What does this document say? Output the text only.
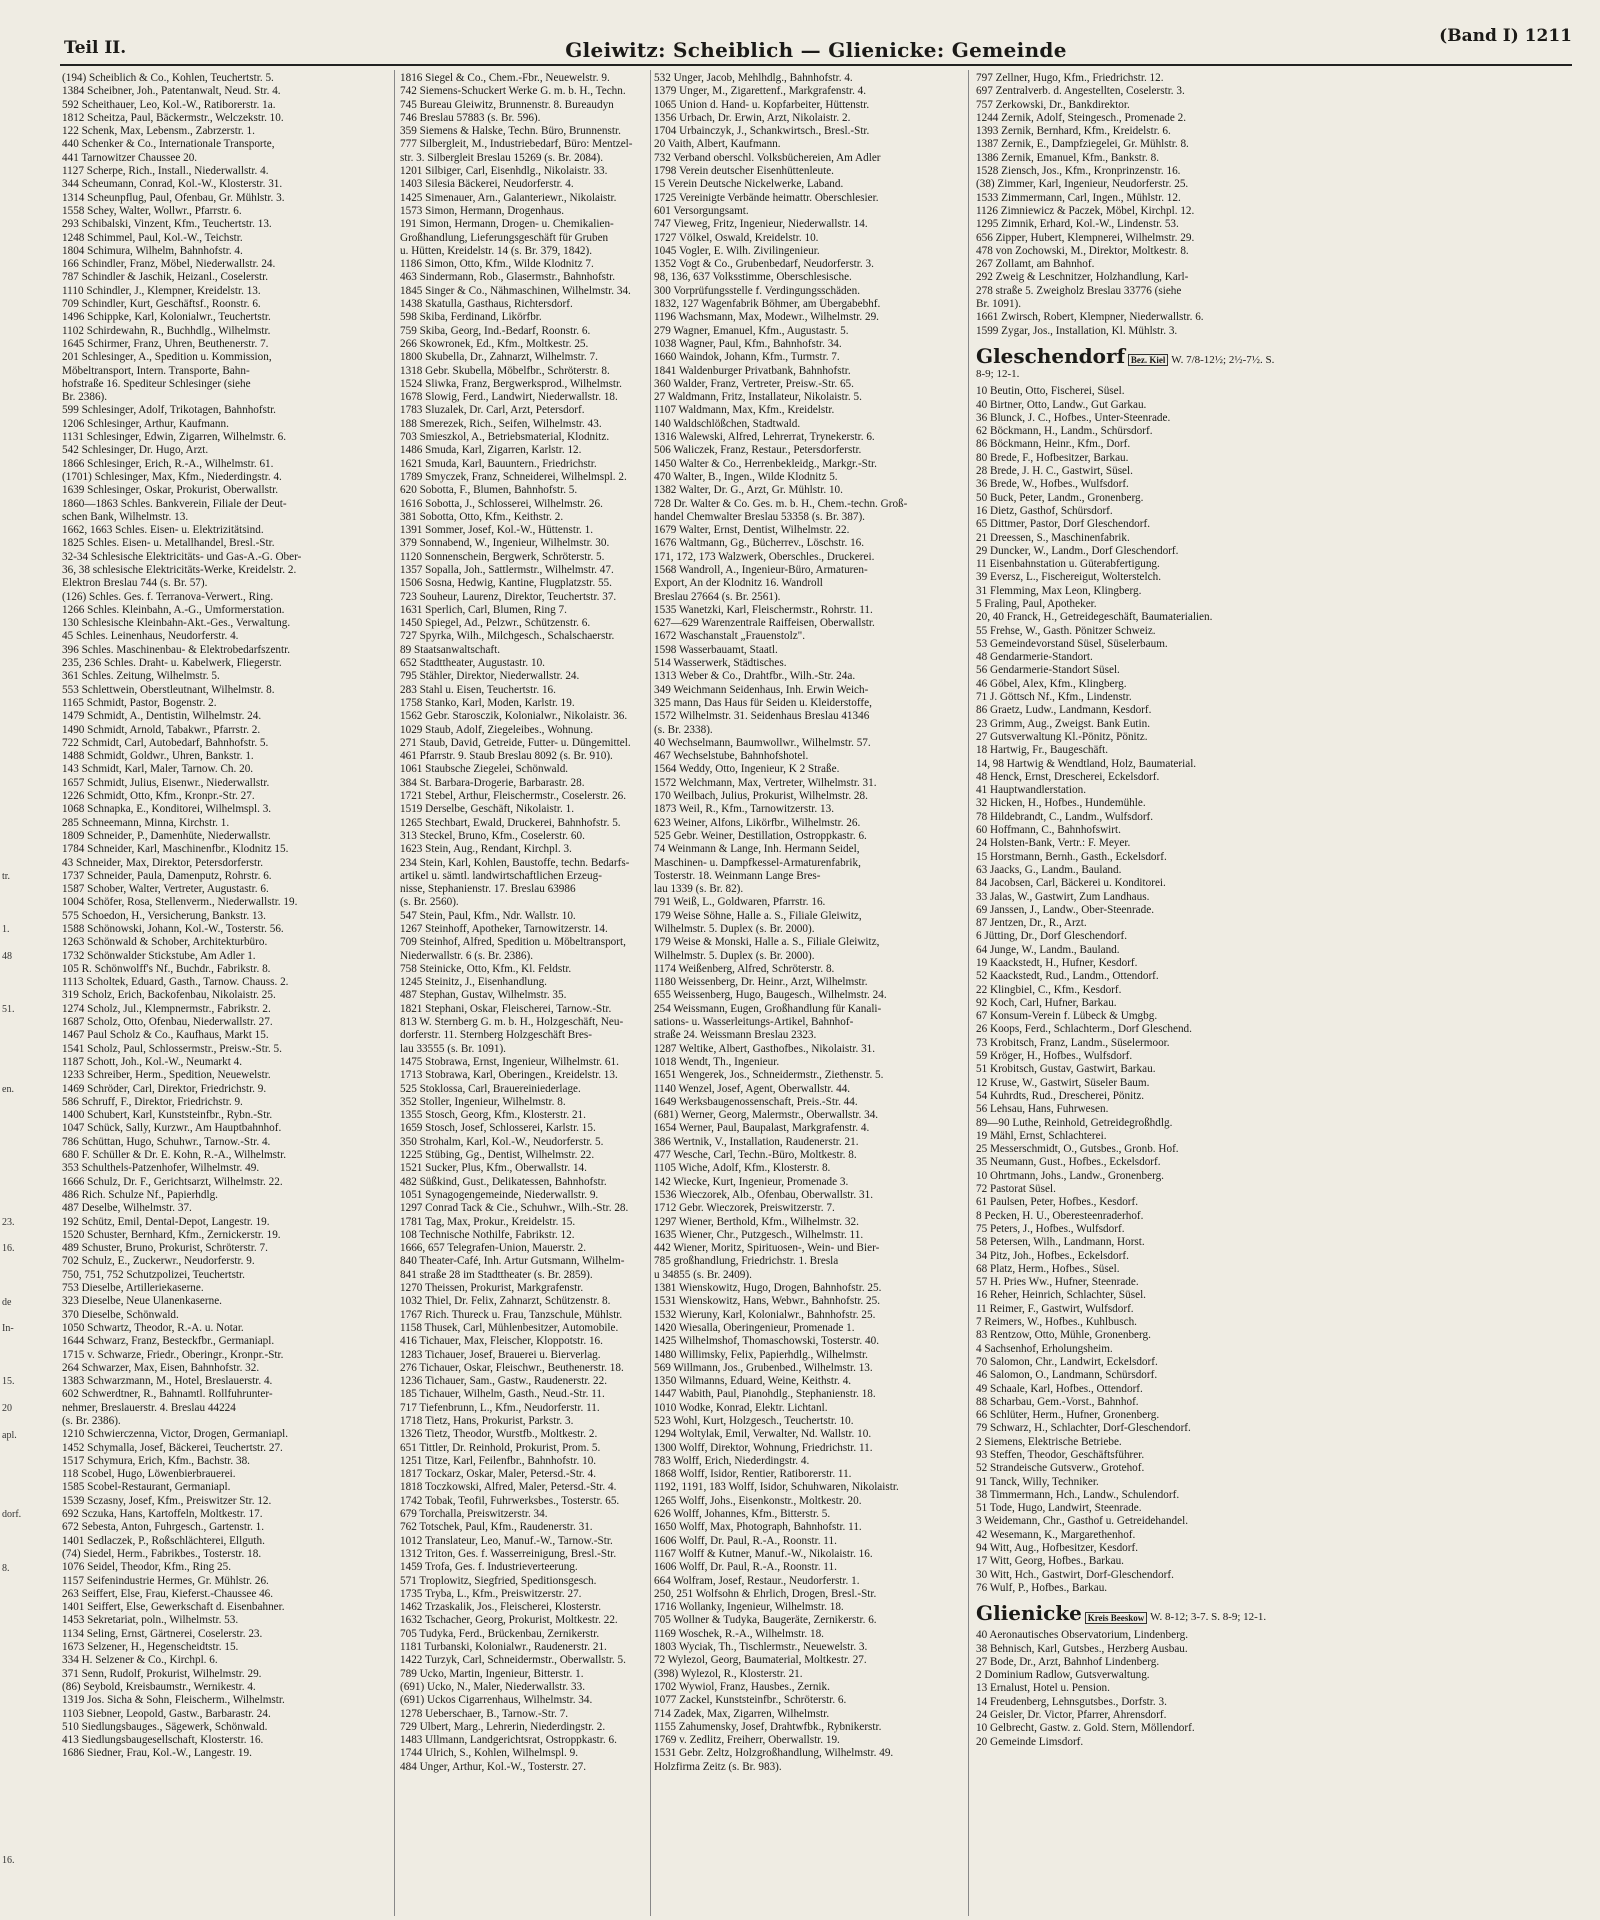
tr.
1.
48
51.
en.
23.
16.
de
In-
15.
20
apl.
dorf.
8.
16.
Teil II.	Gleiwitz: Scheiblich — Glienicke: Gemeinde
(Band I) 1211
(194) Scheiblich & Co., Kohlen, Teuchertstr. 5.
1384 Scheibner, Joh., Patentanwalt, Neud. Str. 4.
592 Scheithauer, Leo, Kol.-W., Ratiborerstr. 1a.
1812 Scheitza, Paul, Bäckermstr., Welczekstr. 10.
122 Schenk, Max, Lebensm., Zabrzerstr. 1.
440 Schenker & Co., Internationale Transporte,
441 Tarnowitzer Chaussee 20.
1127 Scherpe, Rich., Install., Niederwallstr. 4.
344 Scheumann, Conrad, Kol.-W., Klosterstr. 31.
1314 Scheunpflug, Paul, Ofenbau, Gr. Mühlstr. 3.
1558 Schey, Walter, Wollwr., Pfarrstr. 6.
293 Schibalski, Vinzent, Kfm., Teuchertstr. 13.
1248 Schimmel, Paul, Kol.-W., Teichstr.
1804 Schimura, Wilhelm, Bahnhofstr. 4.
166 Schindler, Franz, Möbel, Niederwallstr. 24.
787 Schindler & Jaschik, Heizanl., Coselerstr.
1110 Schindler, J., Klempner, Kreidelstr. 13.
709 Schindler, Kurt, Geschäftsf., Roonstr. 6.
1496 Schippke, Karl, Kolonialwr., Teuchertstr.
1102 Schirdewahn, R., Buchhdlg., Wilhelmstr.
1645 Schirmer, Franz, Uhren, Beuthenerstr. 7.
201 Schlesinger, A., Spedition u. Kommission,
Möbeltransport, Intern. Transporte, Bahn-
hofstraße 16. Spediteur Schlesinger (siehe
Br. 2386).
599 Schlesinger, Adolf, Trikotagen, Bahnhofstr.
1206 Schlesinger, Arthur, Kaufmann.
1131 Schlesinger, Edwin, Zigarren, Wilhelmstr. 6.
542 Schlesinger, Dr. Hugo, Arzt.
1866 Schlesinger, Erich, R.-A., Wilhelmstr. 61.
(1701) Schlesinger, Max, Kfm., Niederdingstr. 4.
1639 Schlesinger, Oskar, Prokurist, Oberwallstr.
1860—1863 Schles. Bankverein, Filiale der Deut-
schen Bank, Wilhelmstr. 13.
1662, 1663 Schles. Eisen- u. Elektrizitätsind.
1825 Schles. Eisen- u. Metallhandel, Bresl.-Str.
32-34 Schlesische Elektricitäts- und Gas-A.-G. Ober-
36, 38 schlesische Elektricitäts-Werke, Kreidelstr. 2.
Elektron Breslau 744 (s. Br. 57).
(126) Schles. Ges. f. Terranova-Verwert., Ring.
1266 Schles. Kleinbahn, A.-G., Umformerstation.
130 Schlesische Kleinbahn-Akt.-Ges., Verwaltung.
45 Schles. Leinenhaus, Neudorferstr. 4.
396 Schles. Maschinenbau- & Elektrobedarfszentr.
235, 236 Schles. Draht- u. Kabelwerk, Fliegerstr.
361 Schles. Zeitung, Wilhelmstr. 5.
553 Schlettwein, Oberstleutnant, Wilhelmstr. 8.
1165 Schmidt, Pastor, Bogenstr. 2.
1479 Schmidt, A., Dentistin, Wilhelmstr. 24.
1490 Schmidt, Arnold, Tabakwr., Pfarrstr. 2.
722 Schmidt, Carl, Autobedarf, Bahnhofstr. 5.
1488 Schmidt, Goldwr., Uhren, Bankstr. 1.
143 Schmidt, Karl, Maler, Tarnow. Ch. 20.
1657 Schmidt, Julius, Eisenwr., Niederwallstr.
1226 Schmidt, Otto, Kfm., Kronpr.-Str. 27.
1068 Schnapka, E., Konditorei, Wilhelmspl. 3.
285 Schneemann, Minna, Kirchstr. 1.
1809 Schneider, P., Damenhüte, Niederwallstr.
1784 Schneider, Karl, Maschinenfbr., Klodnitz 15.
43 Schneider, Max, Direktor, Petersdorferstr.
1737 Schneider, Paula, Damenputz, Rohrstr. 6.
1587 Schober, Walter, Vertreter, Augustastr. 6.
1004 Schöfer, Rosa, Stellenverm., Niederwallstr. 19.
575 Schoedon, H., Versicherung, Bankstr. 13.
1588 Schönowski, Johann, Kol.-W., Tosterstr. 56.
1263 Schönwald & Schober, Architekturbüro.
1732 Schönwalder Stickstube, Am Adler 1.
105 R. Schönwolff's Nf., Buchdr., Fabrikstr. 8.
1113 Scholtek, Eduard, Gasth., Tarnow. Chauss. 2.
319 Scholz, Erich, Backofenbau, Nikolaistr. 25.
1274 Scholz, Jul., Klempnermstr., Fabrikstr. 2.
1687 Scholz, Otto, Ofenbau, Niederwallstr. 27.
1467 Paul Scholz & Co., Kaufhaus, Markt 15.
1541 Scholz, Paul, Schlossermstr., Preisw.-Str. 5.
1187 Schott, Joh., Kol.-W., Neumarkt 4.
1233 Schreiber, Herm., Spedition, Neuewelstr.
1469 Schröder, Carl, Direktor, Friedrichstr. 9.
586 Schruff, F., Direktor, Friedrichstr. 9.
1400 Schubert, Karl, Kunststeinfbr., Rybn.-Str.
1047 Schück, Sally, Kurzwr., Am Hauptbahnhof.
786 Schüttan, Hugo, Schuhwr., Tarnow.-Str. 4.
680 F. Schüller & Dr. E. Kohn, R.-A., Wilhelmstr.
353 Schulthels-Patzenhofer, Wilhelmstr. 49.
1666 Schulz, Dr. F., Gerichtsarzt, Wilhelmstr. 22.
486 Rich. Schulze Nf., Papierhdlg.
487 Deselbe, Wilhelmstr. 37.
192 Schütz, Emil, Dental-Depot, Langestr. 19.
1520 Schuster, Bernhard, Kfm., Zernickerstr. 19.
489 Schuster, Bruno, Prokurist, Schröterstr. 7.
702 Schulz, E., Zuckerwr., Neudorferstr. 9.
750, 751, 752 Schutzpolizei, Teuchertstr.
753 Dieselbe, Artilleriekaserne.
323 Dieselbe, Neue Ulanenkaserne.
370 Dieselbe, Schönwald.
1050 Schwartz, Theodor, R.-A. u. Notar.
1644 Schwarz, Franz, Besteckfbr., Germaniapl.
1715 v. Schwarze, Friedr., Oberingr., Kronpr.-Str.
264 Schwarzer, Max, Eisen, Bahnhofstr. 32.
1383 Schwarzmann, M., Hotel, Breslauerstr. 4.
602 Schwerdtner, R., Bahnamtl. Rollfuhrunter-
nehmer, Breslauerstr. 4. Breslau 44224
(s. Br. 2386).
1210 Schwierczenna, Victor, Drogen, Germaniapl.
1452 Schymalla, Josef, Bäckerei, Teuchertstr. 27.
1517 Schymura, Erich, Kfm., Bachstr. 38.
118 Scobel, Hugo, Löwenbierbrauerei.
1585 Scobel-Restaurant, Germaniapl.
1539 Sczasny, Josef, Kfm., Preiswitzer Str. 12.
692 Sczuka, Hans, Kartoffeln, Moltkestr. 17.
672 Sebesta, Anton, Fuhrgesch., Gartenstr. 1.
1401 Sedlaczek, P., Roßschlächterei, Ellguth.
(74) Siedel, Herm., Fabrikbes., Tosterstr. 18.
1076 Seidel, Theodor, Kfm., Ring 25.
1157 Seifenindustrie Hermes, Gr. Mühlstr. 26.
263 Seiffert, Else, Frau, Kieferst.-Chaussee 46.
1401 Seiffert, Else, Gewerkschaft d. Eisenbahner.
1453 Sekretariat, poln., Wilhelmstr. 53.
1134 Seling, Ernst, Gärtnerei, Coselerstr. 23.
1673 Selzener, H., Hegenscheidtstr. 15.
334 H. Selzener & Co., Kirchpl. 6.
371 Senn, Rudolf, Prokurist, Wilhelmstr. 29.
(86) Seybold, Kreisbaumstr., Wernikestr. 4.
1319 Jos. Sicha & Sohn, Fleischerm., Wilhelmstr.
1103 Siebner, Leopold, Gastw., Barbarastr. 24.
510 Siedlungsbauges., Sägewerk, Schönwald.
413 Siedlungsbaugesellschaft, Klosterstr. 16.
1686 Siedner, Frau, Kol.-W., Langestr. 19.
1816 Siegel & Co., Chem.-Fbr., Neuewelstr. 9.
742 Siemens-Schuckert Werke G. m. b. H., Techn.
745 Bureau Gleiwitz, Brunnenstr. 8. Bureaudyn
746 Breslau 57883 (s. Br. 596).
359 Siemens & Halske, Techn. Büro, Brunnenstr.
777 Silbergleit, M., Industriebedarf, Büro: Mentzel-
str. 3. Silbergleit Breslau 15269 (s. Br. 2084).
1201 Silbiger, Carl, Eisenhdlg., Nikolaistr. 33.
1403 Silesia Bäckerei, Neudorferstr. 4.
1425 Simenauer, Arn., Galanteriewr., Nikolaistr.
1573 Simon, Hermann, Drogenhaus.
191 Simon, Hermann, Drogen- u. Chemikalien-
Großhandlung, Lieferungsgeschäft für Gruben
u. Hütten, Kreidelstr. 14 (s. Br. 379, 1842).
1186 Simon, Otto, Kfm., Wilde Klodnitz 7.
463 Sindermann, Rob., Glasermstr., Bahnhofstr.
1845 Singer & Co., Nähmaschinen, Wilhelmstr. 34.
1438 Skatulla, Gasthaus, Richtersdorf.
598 Skiba, Ferdinand, Likörfbr.
759 Skiba, Georg, Ind.-Bedarf, Roonstr. 6.
266 Skowronek, Ed., Kfm., Moltkestr. 25.
1800 Skubella, Dr., Zahnarzt, Wilhelmstr. 7.
1318 Gebr. Skubella, Möbelfbr., Schröterstr. 8.
1524 Sliwka, Franz, Bergwerksprod., Wilhelmstr.
1678 Slowig, Ferd., Landwirt, Niederwallstr. 18.
1783 Sluzalek, Dr. Carl, Arzt, Petersdorf.
188 Smerezek, Rich., Seifen, Wilhelmstr. 43.
703 Smieszkol, A., Betriebsmaterial, Klodnitz.
1486 Smuda, Karl, Zigarren, Karlstr. 12.
1621 Smuda, Karl, Bauuntern., Friedrichstr.
1789 Smyczek, Franz, Schneiderei, Wilhelmspl. 2.
620 Sobotta, F., Blumen, Bahnhofstr. 5.
1616 Sobotta, J., Schlosserei, Wilhelmstr. 26.
381 Sobotta, Otto, Kfm., Keithstr. 2.
1391 Sommer, Josef, Kol.-W., Hüttenstr. 1.
379 Sonnabend, W., Ingenieur, Wilhelmstr. 30.
1120 Sonnenschein, Bergwerk, Schröterstr. 5.
1357 Sopalla, Joh., Sattlermstr., Wilhelmstr. 47.
1506 Sosna, Hedwig, Kantine, Flugplatzstr. 55.
723 Souheur, Laurenz, Direktor, Teuchertstr. 37.
1631 Sperlich, Carl, Blumen, Ring 7.
1450 Spiegel, Ad., Pelzwr., Schützenstr. 6.
727 Spyrka, Wilh., Milchgesch., Schalschaerstr.
89 Staatsanwaltschaft.
652 Stadttheater, Augustastr. 10.
795 Stähler, Direktor, Niederwallstr. 24.
283 Stahl u. Eisen, Teuchertstr. 16.
1758 Stanko, Karl, Moden, Karlstr. 19.
1562 Gebr. Starosczik, Kolonialwr., Nikolaistr. 36.
1029 Staub, Adolf, Ziegeleibes., Wohnung.
271 Staub, David, Getreide, Futter- u. Düngemittel.
461 Pfarrstr. 9. Staub Breslau 8092 (s. Br. 910).
1061 Staubsche Ziegelei, Schönwald.
384 St. Barbara-Drogerie, Barbarastr. 28.
1721 Stebel, Arthur, Fleischermstr., Coselerstr. 26.
1519 Derselbe, Geschäft, Nikolaistr. 1.
1265 Stechbart, Ewald, Druckerei, Bahnhofstr. 5.
313 Steckel, Bruno, Kfm., Coselerstr. 60.
1623 Stein, Aug., Rendant, Kirchpl. 3.
234 Stein, Karl, Kohlen, Baustoffe, techn. Bedarfs-
artikel u. sämtl. landwirtschaftlichen Erzeug-
nisse, Stephanienstr. 17. Breslau 63986
(s. Br. 2560).
547 Stein, Paul, Kfm., Ndr. Wallstr. 10.
1267 Steinhoff, Apotheker, Tarnowitzerstr. 14.
709 Steinhof, Alfred, Spedition u. Möbeltransport,
Niederwallstr. 6 (s. Br. 2386).
758 Steinicke, Otto, Kfm., Kl. Feldstr.
1245 Steinitz, J., Eisenhandlung.
487 Stephan, Gustav, Wilhelmstr. 35.
1821 Stephani, Oskar, Fleischerei, Tarnow.-Str.
813 W. Sternberg G. m. b. H., Holzgeschäft, Neu-
dorferstr. 11. Sternberg Holzgeschäft Bres-
lau 33555 (s. Br. 1091).
1475 Stobrawa, Ernst, Ingenieur, Wilhelmstr. 61.
1713 Stobrawa, Karl, Oberingen., Kreidelstr. 13.
525 Stoklossa, Carl, Brauereiniederlage.
352 Stoller, Ingenieur, Wilhelmstr. 8.
1355 Stosch, Georg, Kfm., Klosterstr. 21.
1659 Stosch, Josef, Schlosserei, Karlstr. 15.
350 Strohalm, Karl, Kol.-W., Neudorferstr. 5.
1225 Stübing, Gg., Dentist, Wilhelmstr. 22.
1521 Sucker, Plus, Kfm., Oberwallstr. 14.
482 Süßkind, Gust., Delikatessen, Bahnhofstr.
1051 Synagogengemeinde, Niederwallstr. 9.
1297 Conrad Tack & Cie., Schuhwr., Wilh.-Str. 28.
1781 Tag, Max, Prokur., Kreidelstr. 15.
108 Technische Nothilfe, Fabrikstr. 12.
1666, 657 Telegrafen-Union, Mauerstr. 2.
840 Theater-Café, Inh. Artur Gutsmann, Wilhelm-
841 straße 28 im Stadttheater (s. Br. 2859).
1270 Theissen, Prokurist, Markgrafenstr.
1032 Thiel, Dr. Felix, Zahnarzt, Schützenstr. 8.
1767 Rich. Thureck u. Frau, Tanzschule, Mühlstr.
1158 Thusek, Carl, Mühlenbesitzer, Automobile.
416 Tichauer, Max, Fleischer, Kloppotstr. 16.
1283 Tichauer, Josef, Brauerei u. Bierverlag.
276 Tichauer, Oskar, Fleischwr., Beuthenerstr. 18.
1236 Tichauer, Sam., Gastw., Raudenerstr. 22.
185 Tichauer, Wilhelm, Gasth., Neud.-Str. 11.
717 Tiefenbrunn, L., Kfm., Neudorferstr. 11.
1718 Tietz, Hans, Prokurist, Parkstr. 3.
1326 Tietz, Theodor, Wurstfb., Moltkestr. 2.
651 Tittler, Dr. Reinhold, Prokurist, Prom. 5.
1251 Titze, Karl, Feilenfbr., Bahnhofstr. 10.
1817 Tockarz, Oskar, Maler, Petersd.-Str. 4.
1818 Toczkowski, Alfred, Maler, Petersd.-Str. 4.
1742 Tobak, Teofil, Fuhrwerksbes., Tosterstr. 65.
679 Torchalla, Preiswitzerstr. 34.
762 Totschek, Paul, Kfm., Raudenerstr. 31.
1012 Translateur, Leo, Manuf.-W., Tarnow.-Str.
1312 Triton, Ges. f. Wasserreinigung, Bresl.-Str.
1459 Trofa, Ges. f. Industrieverteerung.
571 Troplowitz, Siegfried, Speditionsgesch.
1735 Tryba, L., Kfm., Preiswitzerstr. 27.
1462 Trzaskalik, Jos., Fleischerei, Klosterstr.
1632 Tschacher, Georg, Prokurist, Moltkestr. 22.
705 Tudyka, Ferd., Brückenbau, Zernikerstr.
1181 Turbanski, Kolonialwr., Raudenerstr. 21.
1422 Turzyk, Carl, Schneidermstr., Oberwallstr. 5.
789 Ucko, Martin, Ingenieur, Bitterstr. 1.
(691) Ucko, N., Maler, Niederwallstr. 33.
(691) Uckos Cigarrenhaus, Wilhelmstr. 34.
1278 Ueberschaer, B., Tarnow.-Str. 7.
729 Ulbert, Marg., Lehrerin, Niederdingstr. 2.
1483 Ullmann, Landgerichtsrat, Ostroppkastr. 6.
1744 Ulrich, S., Kohlen, Wilhelmspl. 9.
484 Unger, Arthur, Kol.-W., Tosterstr. 27.
532 Unger, Jacob, Mehlhdlg., Bahnhofstr. 4.
1379 Unger, M., Zigarettenf., Markgrafenstr. 4.
1065 Union d. Hand- u. Kopfarbeiter, Hüttenstr.
1356 Urbach, Dr. Erwin, Arzt, Nikolaistr. 2.
1704 Urbainczyk, J., Schankwirtsch., Bresl.-Str.
20 Vaith, Albert, Kaufmann.
732 Verband oberschl. Volksbüchereien, Am Adler
1798 Verein deutscher Eisenhüttenleute.
15 Verein Deutsche Nickelwerke, Laband.
1725 Vereinigte Verbände heimattr. Oberschlesier.
601 Versorgungsamt.
747 Vieweg, Fritz, Ingenieur, Niederwallstr. 14.
1727 Völkel, Oswald, Kreidelstr. 10.
1045 Vogler, E. Wilh. Zivilingenieur.
1352 Vogt & Co., Grubenbedarf, Neudorferstr. 3.
98, 136, 637 Volksstimme, Oberschlesische.
300 Vorprüfungsstelle f. Verdingungsschäden.
1832, 127 Wagenfabrik Böhmer, am Übergabebhf.
1196 Wachsmann, Max, Modewr., Wilhelmstr. 29.
279 Wagner, Emanuel, Kfm., Augustastr. 5.
1038 Wagner, Paul, Kfm., Bahnhofstr. 34.
1660 Waindok, Johann, Kfm., Turmstr. 7.
1841 Waldenburger Privatbank, Bahnhofstr.
360 Walder, Franz, Vertreter, Preisw.-Str. 65.
27 Waldmann, Fritz, Installateur, Nikolaistr. 5.
1107 Waldmann, Max, Kfm., Kreidelstr.
140 Waldschlößchen, Stadtwald.
1316 Walewski, Alfred, Lehrerrat, Trynekerstr. 6.
506 Waliczek, Franz, Restaur., Petersdorferstr.
1450 Walter & Co., Herrenbekleidg., Markgr.-Str.
470 Walter, B., Ingen., Wilde Klodnitz 5.
1382 Walter, Dr. G., Arzt, Gr. Mühlstr. 10.
728 Dr. Walter & Co. Ges. m. b. H., Chem.-techn. Groß-
handel Chemwalter Breslau 53358 (s. Br. 387).
1679 Walter, Ernst, Dentist, Wilhelmstr. 22.
1676 Waltmann, Gg., Bücherrev., Löschstr. 16.
171, 172, 173 Walzwerk, Oberschles., Druckerei.
1568 Wandroll, A., Ingenieur-Büro, Armaturen-
Export, An der Klodnitz 16. Wandroll
Breslau 27664 (s. Br. 2561).
1535 Wanetzki, Karl, Fleischermstr., Rohrstr. 11.
627—629 Warenzentrale Raiffeisen, Oberwallstr.
1672 Waschanstalt „Frauenstolz".
1598 Wasserbauamt, Staatl.
514 Wasserwerk, Städtisches.
1313 Weber & Co., Drahtfbr., Wilh.-Str. 24a.
349 Weichmann Seidenhaus, Inh. Erwin Weich-
325 mann, Das Haus für Seiden u. Kleiderstoffe,
1572 Wilhelmstr. 31. Seidenhaus Breslau 41346
(s. Br. 2338).
40 Wechselmann, Baumwollwr., Wilhelmstr. 57.
467 Wechselstube, Bahnhofshotel.
1564 Weddy, Otto, Ingenieur, K 2 Straße.
1572 Welchmann, Max, Vertreter, Wilhelmstr. 31.
170 Weilbach, Julius, Prokurist, Wilhelmstr. 28.
1873 Weil, R., Kfm., Tarnowitzerstr. 13.
623 Weiner, Alfons, Likörfbr., Wilhelmstr. 26.
525 Gebr. Weiner, Destillation, Ostroppkastr. 6.
74 Weinmann & Lange, Inh. Hermann Seidel,
Maschinen- u. Dampfkessel-Armaturenfabrik,
Tosterstr. 18. Weinmann Lange Bres-
lau 1339 (s. Br. 82).
791 Weiß, L., Goldwaren, Pfarrstr. 16.
179 Weise Söhne, Halle a. S., Filiale Gleiwitz,
Wilhelmstr. 5. Duplex (s. Br. 2000).
179 Weise & Monski, Halle a. S., Filiale Gleiwitz,
Wilhelmstr. 5. Duplex (s. Br. 2000).
1174 Weißenberg, Alfred, Schröterstr. 8.
1180 Weissenberg, Dr. Heinr., Arzt, Wilhelmstr.
655 Weissenberg, Hugo, Baugesch., Wilhelmstr. 24.
254 Weissmann, Eugen, Großhandlung für Kanali-
sations- u. Wasserleitungs-Artikel, Bahnhof-
straße 24. Weissmann Breslau 2323.
1287 Weltike, Albert, Gasthofbes., Nikolaistr. 31.
1018 Wendt, Th., Ingenieur.
1651 Wengerek, Jos., Schneidermstr., Ziethenstr. 5.
1140 Wenzel, Josef, Agent, Oberwallstr. 44.
1649 Werksbaugenossenschaft, Preis.-Str. 44.
(681) Werner, Georg, Malermstr., Oberwallstr. 34.
1654 Werner, Paul, Baupalast, Markgrafenstr. 4.
386 Wertnik, V., Installation, Raudenerstr. 21.
477 Wesche, Carl, Techn.-Büro, Moltkestr. 8.
1105 Wiche, Adolf, Kfm., Klosterstr. 8.
142 Wiecke, Kurt, Ingenieur, Promenade 3.
1536 Wieczorek, Alb., Ofenbau, Oberwallstr. 31.
1712 Gebr. Wieczorek, Preiswitzerstr. 7.
1297 Wiener, Berthold, Kfm., Wilhelmstr. 32.
1635 Wiener, Chr., Putzgesch., Wilhelmstr. 11.
442 Wiener, Moritz, Spirituosen-, Wein- und Bier-
785 großhandlung, Friedrichstr. 1. Bresla
u 34855 (s. Br. 2409).
1381 Wienskowitz, Hugo, Drogen, Bahnhofstr. 25.
1531 Wienskowitz, Hans, Webwr., Bahnhofstr. 25.
1532 Wieruny, Karl, Kolonialwr., Bahnhofstr. 25.
1420 Wiesalla, Oberingenieur, Promenade 1.
1425 Wilhelmshof, Thomaschowski, Tosterstr. 40.
1480 Willimsky, Felix, Papierhdlg., Wilhelmstr.
569 Willmann, Jos., Grubenbed., Wilhelmstr. 13.
1350 Wilmanns, Eduard, Weine, Keithstr. 4.
1447 Wabith, Paul, Pianohdlg., Stephanienstr. 18.
1010 Wodke, Konrad, Elektr. Lichtanl.
523 Wohl, Kurt, Holzgesch., Teuchertstr. 10.
1294 Woltylak, Emil, Verwalter, Nd. Wallstr. 10.
1300 Wolff, Direktor, Wohnung, Friedrichstr. 11.
783 Wolff, Erich, Niederdingstr. 4.
1868 Wolff, Isidor, Rentier, Ratiborerstr. 11.
1192, 1191, 183 Wolff, Isidor, Schuhwaren, Nikolaistr.
1265 Wolff, Johs., Eisenkonstr., Moltkestr. 20.
626 Wolff, Johannes, Kfm., Bitterstr. 5.
1650 Wolff, Max, Photograph, Bahnhofstr. 11.
1606 Wolff, Dr. Paul, R.-A., Roonstr. 11.
1167 Wolff & Kutner, Manuf.-W., Nikolaistr. 16.
1606 Wolff, Dr. Paul, R.-A., Roonstr. 11.
664 Wolfram, Josef, Restaur., Neudorferstr. 1.
250, 251 Wolfsohn & Ehrlich, Drogen, Bresl.-Str.
1716 Wollanky, Ingenieur, Wilhelmstr. 18.
705 Wollner & Tudyka, Baugeräte, Zernikerstr. 6.
1169 Woschek, R.-A., Wilhelmstr. 18.
1803 Wyciak, Th., Tischlermstr., Neuewelstr. 3.
72 Wylezol, Georg, Baumaterial, Moltkestr. 27.
(398) Wylezol, R., Klosterstr. 21.
1702 Wywiol, Franz, Hausbes., Zernik.
1077 Zackel, Kunststeinfbr., Schröterstr. 6.
714 Zadek, Max, Zigarren, Wilhelmstr.
1155 Zahumensky, Josef, Drahtwfbk., Rybnikerstr.
1769 v. Zedlitz, Freiherr, Oberwallstr. 19.
1531 Gebr. Zeltz, Holzgroßhandlung, Wilhelmstr. 49.
Holzfirma Zeitz (s. Br. 983).
797 Zellner, Hugo, Kfm., Friedrichstr. 12.
697 Zentralverb. d. Angestellten, Coselerstr. 3.
757 Zerkowski, Dr., Bankdirektor.
1244 Zernik, Adolf, Steingesch., Promenade 2.
1393 Zernik, Bernhard, Kfm., Kreidelstr. 6.
1387 Zernik, E., Dampfziegelei, Gr. Mühlstr. 8.
1386 Zernik, Emanuel, Kfm., Bankstr. 8.
1528 Ziensch, Jos., Kfm., Kronprinzenstr. 16.
(38) Zimmer, Karl, Ingenieur, Neudorferstr. 25.
1533 Zimmermann, Carl, Ingen., Mühlstr. 12.
1126 Zimniewicz & Paczek, Möbel, Kirchpl. 12.
1295 Zimnik, Erhard, Kol.-W., Lindenstr. 53.
656 Zipper, Hubert, Klempnerei, Wilhelmstr. 29.
478 von Zochowski, M., Direktor, Moltkestr. 8.
267 Zollamt, am Bahnhof.
292 Zweig & Leschnitzer, Holzhandlung, Karl-
278 straße 5. Zweigholz Breslau 33776 (siehe
Br. 1091).
1661 Zwirsch, Robert, Klempner, Niederwallstr. 6.
1599 Zygar, Jos., Installation, Kl. Mühlstr. 3.
Gleschendorf Bez. Kiel W. 7/8-12½; 2½-7½. S. 8-9; 12-1.
10 Beutin, Otto, Fischerei, Süsel.
40 Birtner, Otto, Landw., Gut Garkau.
36 Blunck, J. C., Hofbes., Unter-Steenrade.
62 Böckmann, H., Landm., Schürsdorf.
86 Böckmann, Heinr., Kfm., Dorf.
80 Brede, F., Hofbesitzer, Barkau.
28 Brede, J. H. C., Gastwirt, Süsel.
36 Brede, W., Hofbes., Wulfsdorf.
50 Buck, Peter, Landm., Gronenberg.
16 Dietz, Gasthof, Schürsdorf.
65 Dittmer, Pastor, Dorf Gleschendorf.
21 Dreessen, S., Maschinenfabrik.
29 Duncker, W., Landm., Dorf Gleschendorf.
11 Eisenbahnstation u. Güterabfertigung.
39 Eversz, L., Fischereigut, Wolterstelch.
31 Flemming, Max Leon, Klingberg.
5 Fraling, Paul, Apotheker.
20, 40 Franck, H., Getreidegeschäft, Baumaterialien.
55 Frehse, W., Gasth. Pönitzer Schweiz.
53 Gemeindevorstand Süsel, Süselerbaum.
48 Gendarmerie-Standort.
56 Gendarmerie-Standort Süsel.
46 Göbel, Alex, Kfm., Klingberg.
71 J. Göttsch Nf., Kfm., Lindenstr.
86 Graetz, Ludw., Landmann, Kesdorf.
23 Grimm, Aug., Zweigst. Bank Eutin.
27 Gutsverwaltung Kl.-Pönitz, Pönitz.
18 Hartwig, Fr., Baugeschäft.
14, 98 Hartwig & Wendtland, Holz, Baumaterial.
48 Henck, Ernst, Drescherei, Eckelsdorf.
41 Hauptwandlerstation.
32 Hicken, H., Hofbes., Hundemühle.
78 Hildebrandt, C., Landm., Wulfsdorf.
60 Hoffmann, C., Bahnhofswirt.
24 Holsten-Bank, Vertr.: F. Meyer.
15 Horstmann, Bernh., Gasth., Eckelsdorf.
63 Jaacks, G., Landm., Bauland.
84 Jacobsen, Carl, Bäckerei u. Konditorei.
33 Jalas, W., Gastwirt, Zum Landhaus.
69 Janssen, J., Landw., Ober-Steenrade.
87 Jentzen, Dr., R., Arzt.
6 Jütting, Dr., Dorf Gleschendorf.
64 Junge, W., Landm., Bauland.
19 Kaackstedt, H., Hufner, Kesdorf.
52 Kaackstedt, Rud., Landm., Ottendorf.
22 Klingbiel, C., Kfm., Kesdorf.
92 Koch, Carl, Hufner, Barkau.
67 Konsum-Verein f. Lübeck & Umgbg.
26 Koops, Ferd., Schlachterm., Dorf Gleschend.
73 Krobitsch, Franz, Landm., Süselermoor.
59 Kröger, H., Hofbes., Wulfsdorf.
51 Krobitsch, Gustav, Gastwirt, Barkau.
12 Kruse, W., Gastwirt, Süseler Baum.
54 Kuhrdts, Rud., Drescherei, Pönitz.
56 Lehsau, Hans, Fuhrwesen.
89—90 Luthe, Reinhold, Getreidegroßhdlg.
19 Mähl, Ernst, Schlachterei.
25 Messerschmidt, O., Gutsbes., Gronb. Hof.
35 Neumann, Gust., Hofbes., Eckelsdorf.
10 Ohrtmann, Johs., Landw., Gronenberg.
72 Pastorat Süsel.
61 Paulsen, Peter, Hofbes., Kesdorf.
8 Pecken, H. U., Oberesteenraderhof.
75 Peters, J., Hofbes., Wulfsdorf.
58 Petersen, Wilh., Landmann, Horst.
34 Pitz, Joh., Hofbes., Eckelsdorf.
68 Platz, Herm., Hofbes., Süsel.
57 H. Pries Ww., Hufner, Steenrade.
16 Reher, Heinrich, Schlachter, Süsel.
11 Reimer, F., Gastwirt, Wulfsdorf.
7 Reimers, W., Hofbes., Kuhlbusch.
83 Rentzow, Otto, Mühle, Gronenberg.
4 Sachsenhof, Erholungsheim.
70 Salomon, Chr., Landwirt, Eckelsdorf.
46 Salomon, O., Landmann, Schürsdorf.
49 Schaale, Karl, Hofbes., Ottendorf.
88 Scharbau, Gem.-Vorst., Bahnhof.
66 Schlüter, Herm., Hufner, Gronenberg.
79 Schwarz, H., Schlachter, Dorf-Gleschendorf.
2 Siemens, Elektrische Betriebe.
93 Steffen, Theodor, Geschäftsführer.
52 Strandeische Gutsverw., Grotehof.
91 Tanck, Willy, Techniker.
38 Timmermann, Hch., Landw., Schulendorf.
51 Tode, Hugo, Landwirt, Steenrade.
3 Weidemann, Chr., Gasthof u. Getreidehandel.
42 Wesemann, K., Margarethenhof.
94 Witt, Aug., Hofbesitzer, Kesdorf.
17 Witt, Georg, Hofbes., Barkau.
30 Witt, Hch., Gastwirt, Dorf-Gleschendorf.
76 Wulf, P., Hofbes., Barkau.
Glienicke Kreis Beeskow W. 8-12; 3-7. S. 8-9; 12-1.
40 Aeronautisches Observatorium, Lindenberg.
38 Behnisch, Karl, Gutsbes., Herzberg Ausbau.
27 Bode, Dr., Arzt, Bahnhof Lindenberg.
2 Dominium Radlow, Gutsverwaltung.
13 Ernalust, Hotel u. Pension.
14 Freudenberg, Lehnsgutsbes., Dorfstr. 3.
24 Geisler, Dr. Victor, Pfarrer, Ahrensdorf.
10 Gelbrecht, Gastw. z. Gold. Stern, Möllendorf.
20 Gemeinde Limsdorf.
